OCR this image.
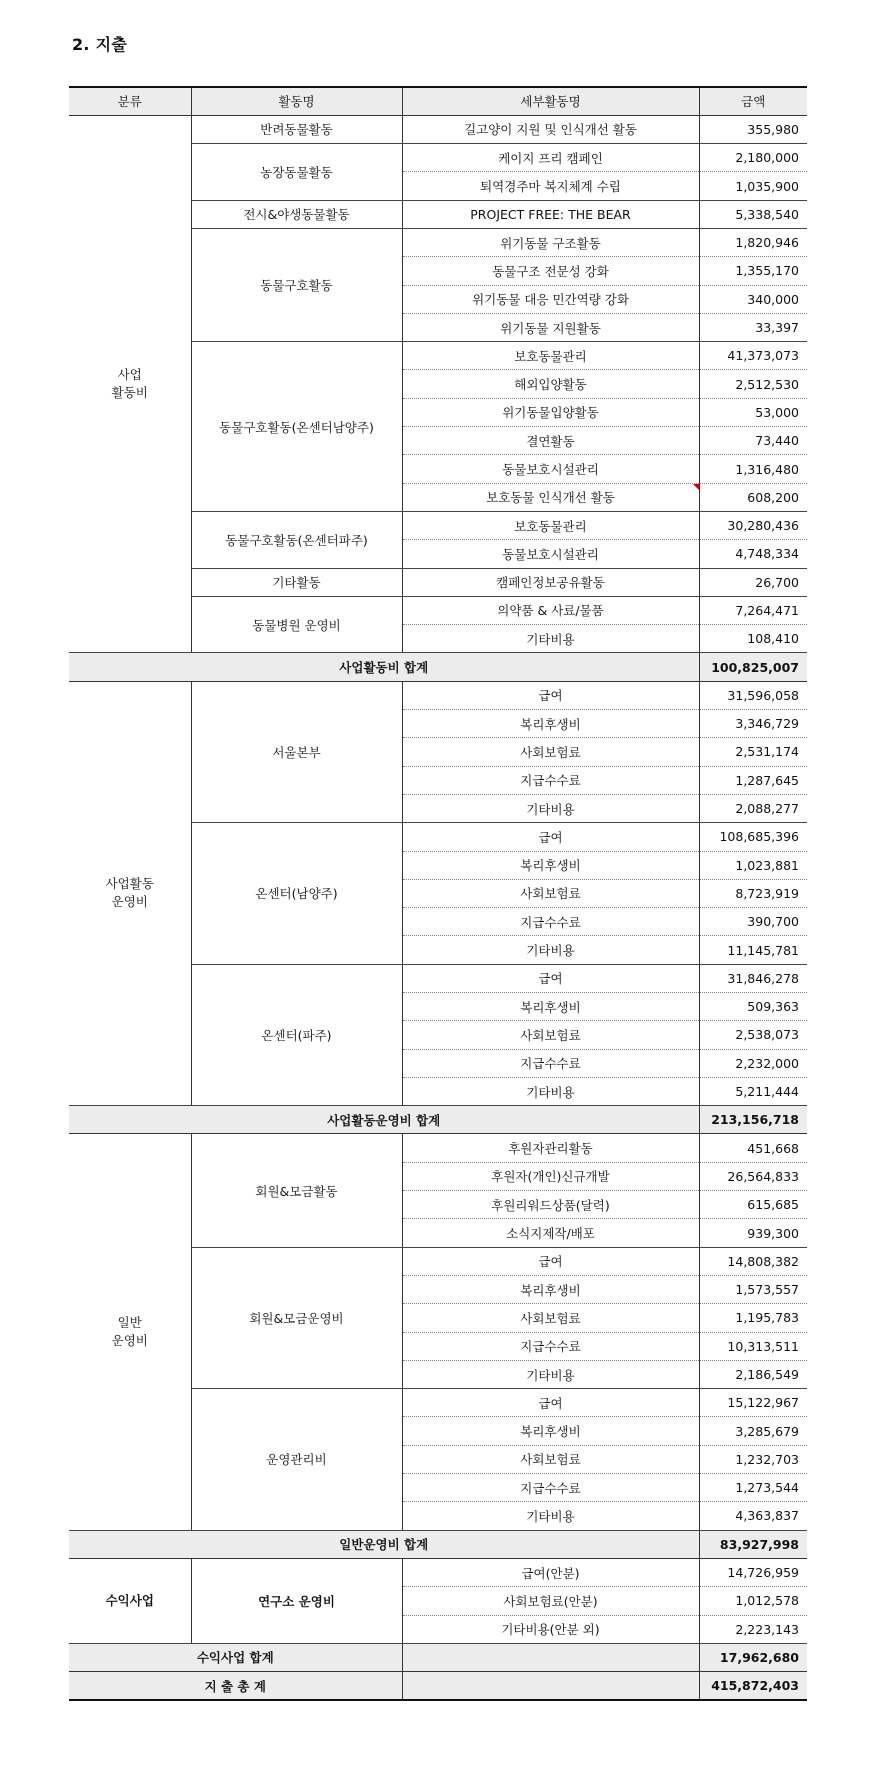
2. 지출
분류	활동명	세부활동명	금액
사업
활동비	반려동물활동	길고양이 지원 및 인식개선 활동	355,980
	농장동물활동	케이지 프리 캠페인	2,180,000
		퇴역경주마 복지체계 수립	1,035,900
	전시&야생동물활동	PROJECT FREE: THE BEAR	5,338,540
	동물구호활동	위기동물 구조활동	1,820,946
		동물구조 전문성 강화	1,355,170
		위기동물 대응 민간역량 강화	340,000
		위기동물 지원활동	33,397
	동물구호활동(온센터남양주)	보호동물관리	41,373,073
		해외입양활동	2,512,530
		위기동물입양활동	53,000
		결연활동	73,440
		동물보호시설관리	1,316,480
		보호동물 인식개선 활동	608,200
	동물구호활동(온센터파주)	보호동물관리	30,280,436
		동물보호시설관리	4,748,334
	기타활동	캠페인정보공유활동	26,700
	동물병원 운영비	의약품 & 사료/물품	7,264,471
		기타비용	108,410
사업활동비 합계			100,825,007
사업활동
운영비	서울본부	급여	31,596,058
		복리후생비	3,346,729
		사회보험료	2,531,174
		지급수수료	1,287,645
		기타비용	2,088,277
	온센터(남양주)	급여	108,685,396
		복리후생비	1,023,881
		사회보험료	8,723,919
		지급수수료	390,700
		기타비용	11,145,781
	온센터(파주)	급여	31,846,278
		복리후생비	509,363
		사회보험료	2,538,073
		지급수수료	2,232,000
		기타비용	5,211,444
사업활동운영비 합계			213,156,718
일반
운영비	회원&모금활동	후원자관리활동	451,668
		후원자(개인)신규개발	26,564,833
		후원리워드상품(달력)	615,685
		소식지제작/배포	939,300
	회원&모금운영비	급여	14,808,382
		복리후생비	1,573,557
		사회보험료	1,195,783
		지급수수료	10,313,511
		기타비용	2,186,549
	운영관리비	급여	15,122,967
		복리후생비	3,285,679
		사회보험료	1,232,703
		지급수수료	1,273,544
		기타비용	4,363,837
일반운영비 합계			83,927,998
수익사업	연구소 운영비	급여(안분)	14,726,959
		사회보험료(안분)	1,012,578
		기타비용(안분 외)	2,223,143
수익사업 합계			17,962,680
지 출 총 계			415,872,403
